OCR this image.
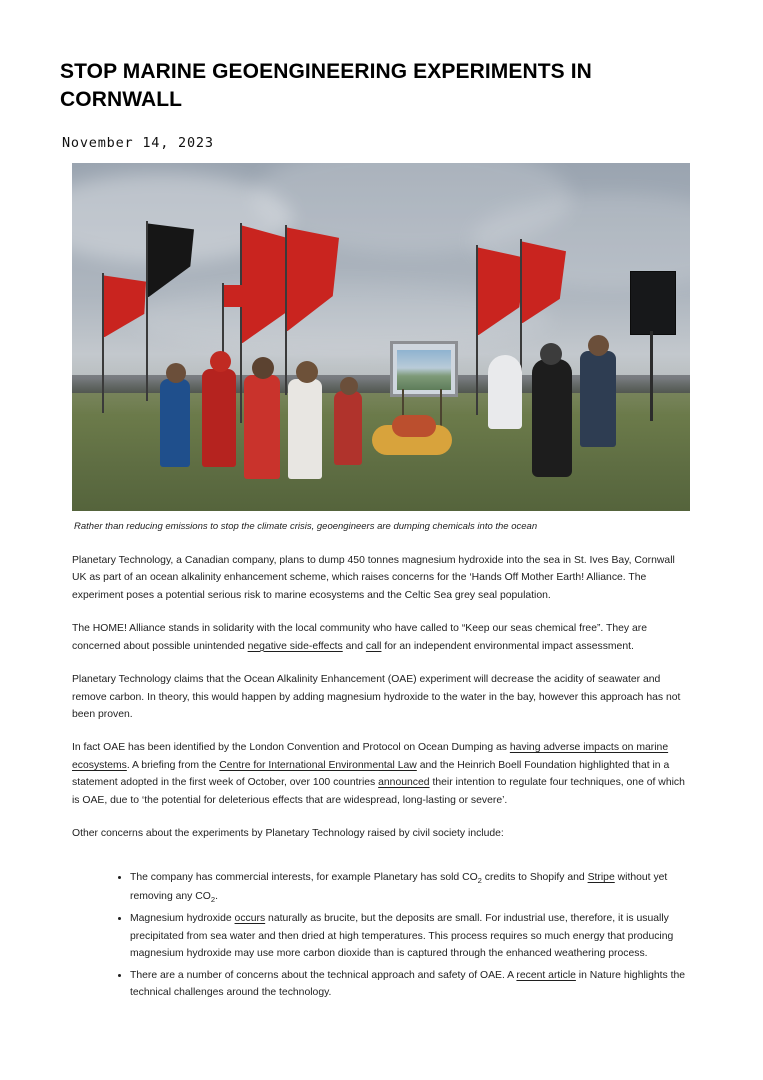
STOP MARINE GEOENGINEERING EXPERIMENTS IN CORNWALL
November 14, 2023
Rather than reducing emissions to stop the climate crisis, geoengineers are dumping chemicals into the ocean

Planetary Technology, a Canadian company, plans to dump 450 tonnes magnesium hydroxide into the sea in St. Ives Bay, Cornwall UK as part of an ocean alkalinity enhancement scheme, which raises concerns for the ‘Hands Off Mother Earth! Alliance. The experiment poses a potential serious risk to marine ecosystems and the Celtic Sea grey seal population.

The HOME! Alliance stands in solidarity with the local community who have called to “Keep our seas chemical free”. They are concerned about possible unintended negative side-effects and call for an independent environmental impact assessment.

Planetary Technology claims that the Ocean Alkalinity Enhancement (OAE) experiment will decrease the acidity of seawater and remove carbon. In theory, this would happen by adding magnesium hydroxide to the water in the bay, however this approach has not been proven.

In fact OAE has been identified by the London Convention and Protocol on Ocean Dumping as having adverse impacts on marine ecosystems. A briefing from the Centre for International Environmental Law and the Heinrich Boell Foundation highlighted that in a statement adopted in the first week of October, over 100 countries announced their intention to regulate four techniques, one of which is OAE, due to ‘the potential for deleterious effects that are widespread, long-lasting or severe’.

Other concerns about the experiments by Planetary Technology raised by civil society include:

• The company has commercial interests, for example Planetary has sold $CO_2$ credits to Shopify and Stripe without yet removing any $CO_2$.
• Magnesium hydroxide occurs naturally as brucite, but the deposits are small. For industrial use, therefore, it is usually precipitated from sea water and then dried at high temperatures. This process requires so much energy that producing magnesium hydroxide may use more carbon dioxide than is captured through the enhanced weathering process.
• There are a number of concerns about the technical approach and safety of OAE. A recent article in Nature highlights the technical challenges around the technology.
